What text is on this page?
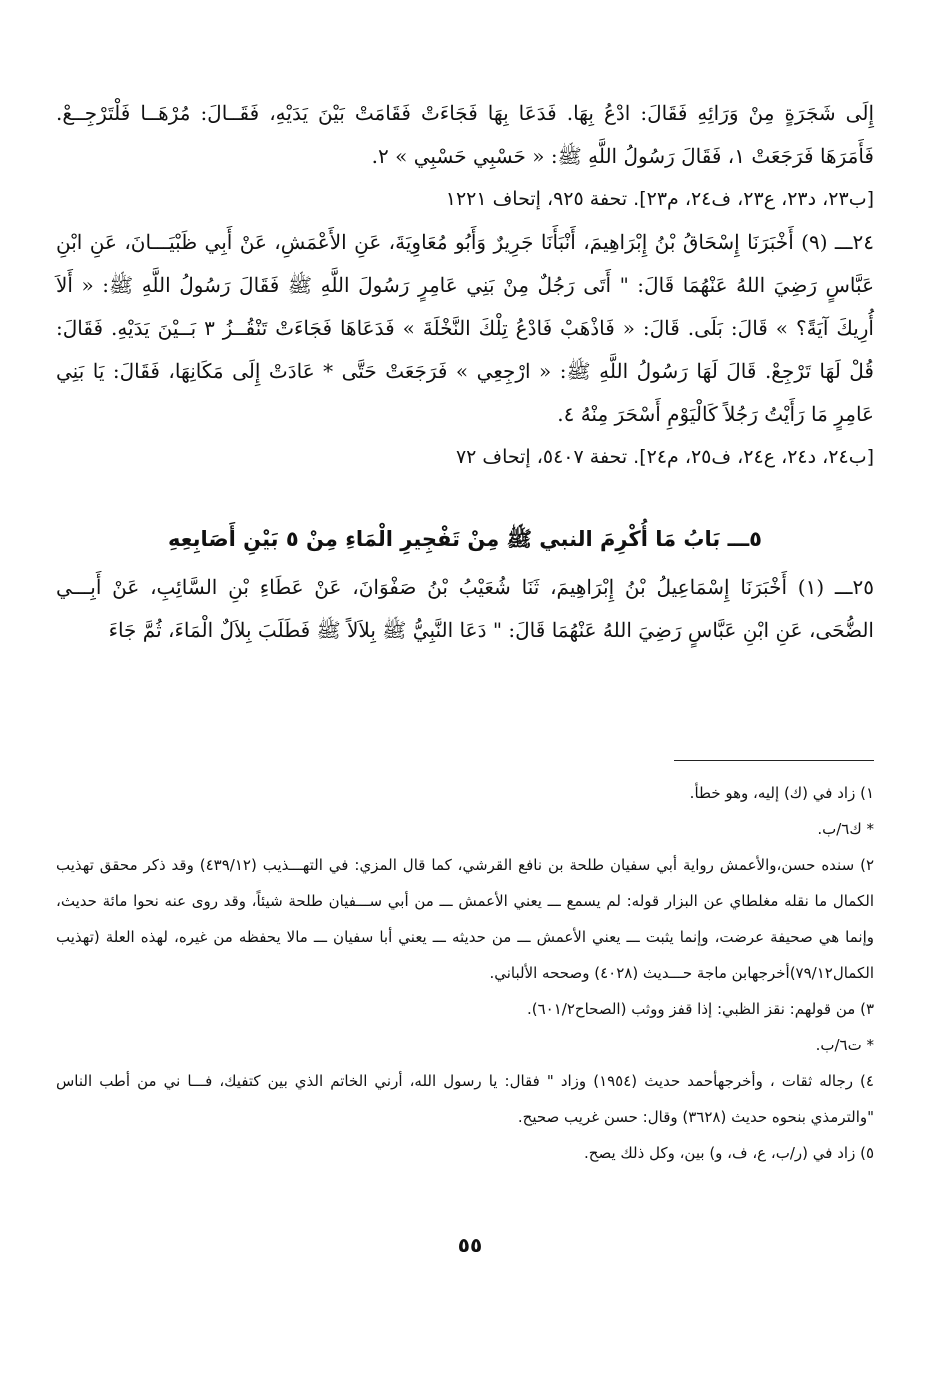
إِلَى شَجَرَةٍ مِنْ وَرَائِهِ فَقَالَ: ادْعُ بِهَا. فَدَعَا بِهَا فَجَاءَتْ فَقَامَتْ بَيْنَ يَدَيْهِ، فَقَــالَ: مُرْهَــا فَلْتَرْجِــعْ. فَأَمَرَهَا فَرَجَعَتْ ١، فَقَالَ رَسُولُ اللَّهِ ﷺ: « حَسْبِي حَسْبِي » ٢.

[ب٢٣، د٢٣، ع٢٣، ف٢٤، م٢٣]. تحفة ٩٢٥، إتحاف ١٢٢١

٢٤ـــ (٩) أَخْبَرَنَا إِسْحَاقُ بْنُ إِبْرَاهِيمَ، أَنْبَأَنَا جَرِيرٌ وَأَبُو مُعَاوِيَةَ، عَنِ الأَعْمَشِ، عَنْ أَبِي ظَبْيَـــانَ، عَنِ ابْنِ عَبَّاسٍ رَضِيَ اللهُ عَنْهُمَا قَالَ: " أَتَى رَجُلٌ مِنْ بَنِي عَامِرٍ رَسُولَ اللَّهِ ﷺ فَقَالَ رَسُولُ اللَّهِ ﷺ: « أَلاَ أُرِيكَ آيَةً؟ » قَالَ: بَلَى. قَالَ: « فَاذْهَبْ فَادْعُ تِلْكَ النَّخْلَةَ » فَدَعَاهَا فَجَاءَتْ تَنْقُــزُ ٣ بَــيْنَ يَدَيْهِ. فَقَالَ: قُلْ لَهَا تَرْجِعْ. قَالَ لَهَا رَسُولُ اللَّهِ ﷺ: « ارْجِعِي » فَرَجَعَتْ حَتَّى * عَادَتْ إِلَى مَكَانِهَا، فَقَالَ: يَا بَنِي عَامِرٍ مَا رَأَيْتُ رَجُلاً كَالْيَوْمِ أَسْحَرَ مِنْهُ ٤.

[ب٢٤، د٢٤، ع٢٤، ف٢٥، م٢٤]. تحفة ٥٤٠٧، إتحاف ٧٢

٥ـــ بَابُ مَا أُكْرِمَ النبي ﷺ مِنْ تَفْجِيرِ الْمَاءِ مِنْ ٥ بَيْنِ أَصَابِعِهِ

٢٥ـــ (١) أَخْبَرَنَا إِسْمَاعِيلُ بْنُ إِبْرَاهِيمَ، ثَنَا شُعَيْبُ بْنُ صَفْوَانَ، عَنْ عَطَاءِ بْنِ السَّائِبِ، عَنْ أَبِـــي الضُّحَى، عَنِ ابْنِ عَبَّاسٍ رَضِيَ اللهُ عَنْهُمَا قَالَ: " دَعَا النَّبِيُّ ﷺ بِلاَلاً ﷺ فَطَلَبَ بِلاَلٌ الْمَاءَ، ثُمَّ جَاءَ

١) زاد في (ك) إليه، وهو خطأ.

* ك٦/ب.

٢) سنده حسن،والأعمش رواية أبي سفيان طلحة بن نافع القرشي، كما قال المزي: في التهـــذيب (٤٣٩/١٢) وقد ذكر محقق تهذيب الكمال ما نقله مغلطاي عن البزار قوله: لم يسمع ـــ يعني الأعمش ـــ من أبي ســـفيان طلحة شيئاً، وقد روى عنه نحوا مائة حديث، وإنما هي صحيفة عرضت، وإنما يثبت ـــ يعني الأعمش ـــ من حديثه ـــ يعني أبا سفيان ـــ مالا يحفظه من غيره، لهذه العلة (تهذيب الكمال٧٩/١٢)أخرجهابن ماجة حـــديث (٤٠٢٨) وصححه الألباني.

٣) من قولهم: نقز الظبي: إذا قفز ووثب (الصحاح٦٠١/٢).

* ت٦/ب.

٤) رجاله ثقات ، وأخرجهأحمد حديث (١٩٥٤) وزاد " فقال: يا رسول الله، أرني الخاتم الذي بين كتفيك، فـــا ني من أطب الناس "والترمذي بنحوه حديث (٣٦٢٨) وقال: حسن غريب صحيح.

٥) زاد في (ر/ب، ع، ف، و) بين، وكل ذلك يصح.

٥٥
